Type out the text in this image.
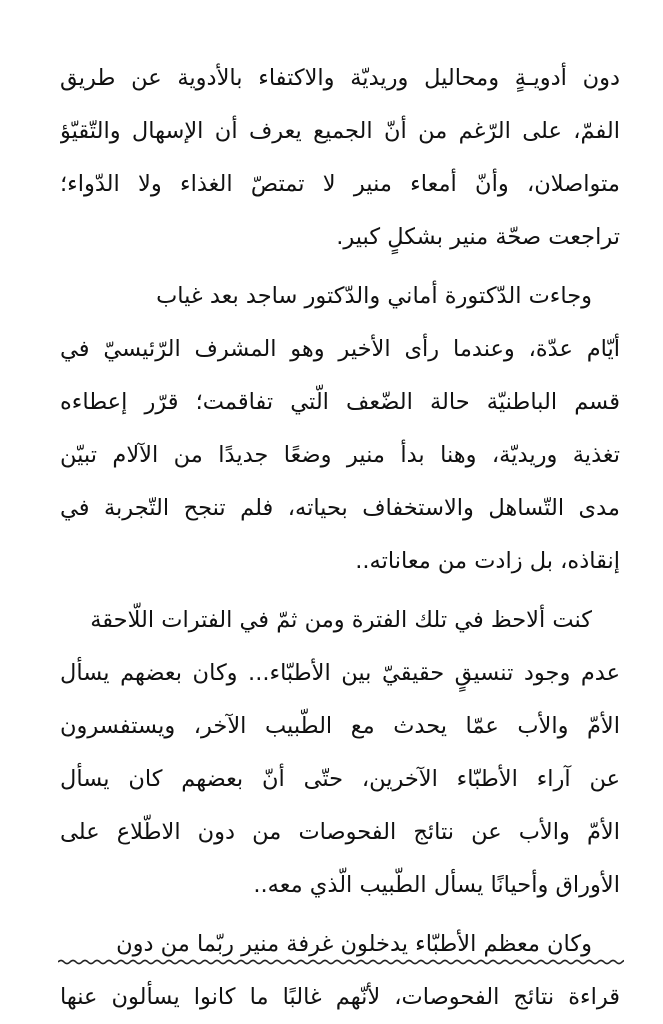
دون أدويـةٍ ومحاليل وريديّة والاكتفاء بالأدوية عن طريق
الفمّ، على الرّغم من أنّ الجميع يعرف أن الإسهال والتّقيّؤ
متواصلان، وأنّ أمعاء منير لا تمتصّ الغذاء ولا الدّواء؛
تراجعت صحّة منير بشكلٍ كبير.
وجاءت الدّكتورة أماني والدّكتور ساجد بعد غياب
أيّام عدّة، وعندما رأى الأخير وهو المشرف الرّئيسيّ في
قسم الباطنيّة حالة الضّعف الّتي تفاقمت؛ قرّر إعطاءه
تغذية وريديّة، وهنا بدأ منير وضعًا جديدًا من الآلام تبيّن
مدى التّساهل والاستخفاف بحياته، فلم تنجح التّجربة في
إنقاذه، بل زادت من معاناته..
كنت ألاحظ في تلك الفترة ومن ثمّ في الفترات اللّاحقة
عدم وجود تنسيقٍ حقيقيّ بين الأطبّاء... وكان بعضهم يسأل
الأمّ والأب عمّا يحدث مع الطّبيب الآخر، ويستفسرون
عن آراء الأطبّاء الآخرين، حتّى أنّ بعضهم كان يسأل
الأمّ والأب عن نتائج الفحوصات من دون الاطّلاع على
الأوراق وأحيانًا يسأل الطّبيب الّذي معه..
وكان معظم الأطبّاء يدخلون غرفة منير ربّما من دون
قراءة نتائج الفحوصات، لأنّهم غالبًا ما كانوا يسألون عنها
